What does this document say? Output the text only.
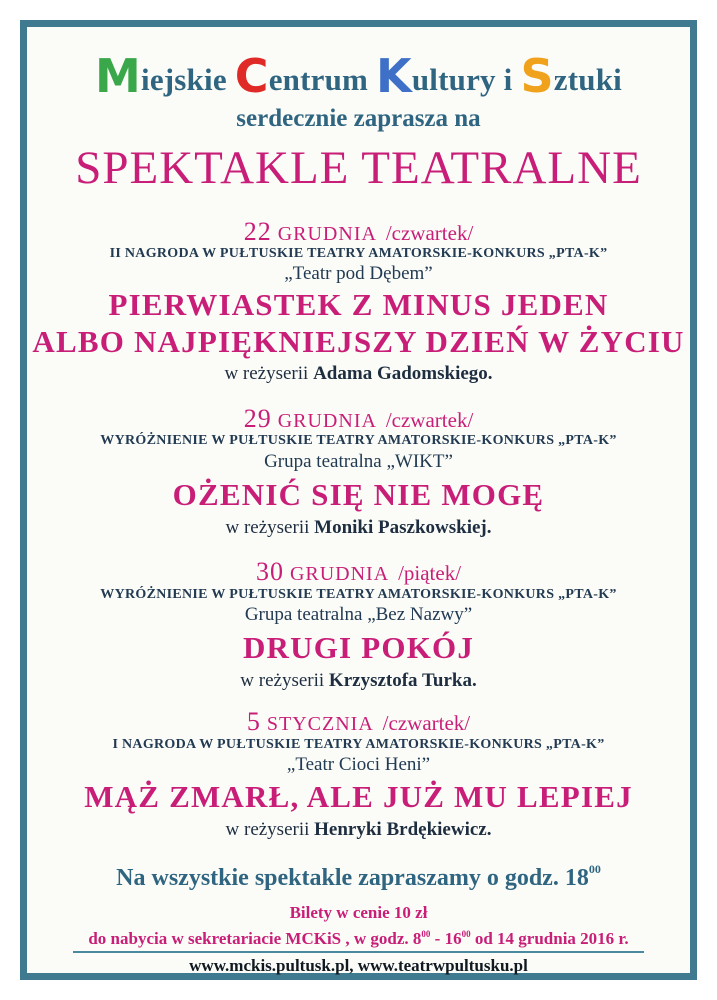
Miejskie Centrum Kultury i Sztuki
serdecznie zaprasza na
SPEKTAKLE TEATRALNE
22 GRUDNIA /czwartek/
II NAGRODA W PUŁTUSKIE TEATRY AMATORSKIE-KONKURS „PTA-K”
„Teatr pod Dębem”
PIERWIASTEK Z MINUS JEDEN
ALBO NAJPIĘKNIEJSZY DZIEŃ W ŻYCIU
w reżyserii Adama Gadomskiego.
29 GRUDNIA /czwartek/
WYRÓŻNIENIE W PUŁTUSKIE TEATRY AMATORSKIE-KONKURS „PTA-K”
Grupa teatralna „WIKT”
OŻENIĆ SIĘ NIE MOGĘ
w reżyserii Moniki Paszkowskiej.
30 GRUDNIA /piątek/
WYRÓŻNIENIE W PUŁTUSKIE TEATRY AMATORSKIE-KONKURS „PTA-K”
Grupa teatralna „Bez Nazwy”
DRUGI POKÓJ
w reżyserii Krzysztofa Turka.
5 STYCZNIA /czwartek/
I NAGRODA W PUŁTUSKIE TEATRY AMATORSKIE-KONKURS „PTA-K”
„Teatr Cioci Heni”
MĄŻ ZMARŁ, ALE JUŻ MU LEPIEJ
w reżyserii Henryki Brdękiewicz.
Na wszystkie spektakle zapraszamy o godz. $18^{00}$
Bilety w cenie 10 zł
do nabycia w sekretariacie MCKiS , w godz. $8^{00} - 16^{00}$ od 14 grudnia 2016 r.
www.mckis.pultusk.pl, www.teatrwpultusku.pl
